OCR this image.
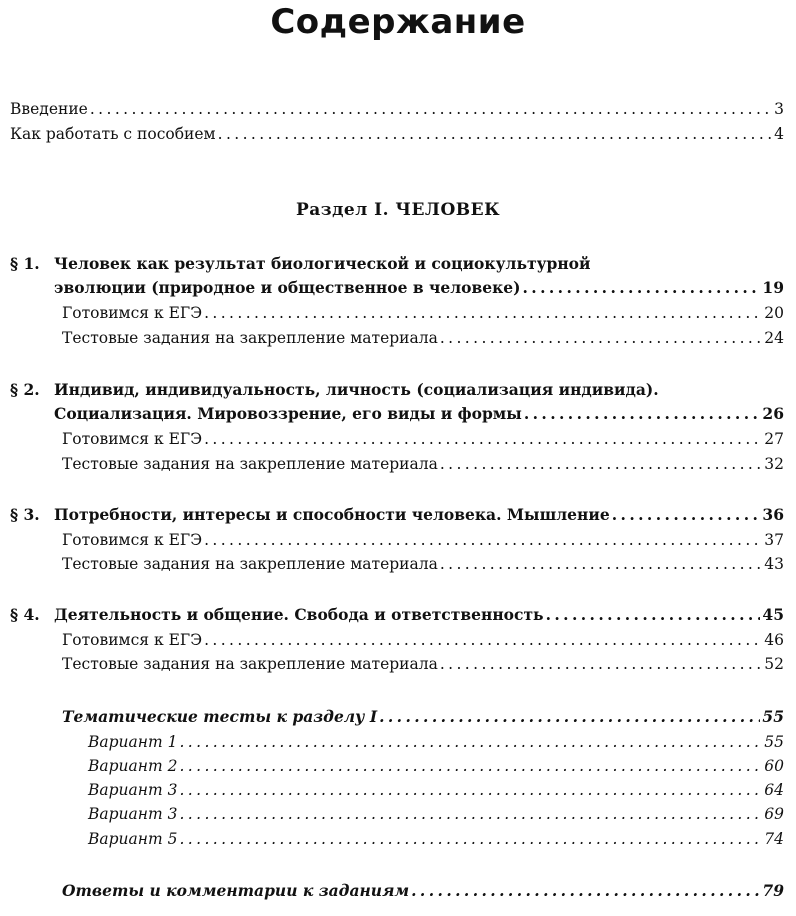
Содержание
Введение .....	3
Как работать с пособием .....	4
Раздел I. ЧЕЛОВЕК
§ 1. Человек как результат биологической и социокультурной
эволюции (природное и общественное в человеке) .....	19
Готовимся к ЕГЭ .....	20
Тестовые задания на закрепление материала .....	24
§ 2. Индивид, индивидуальность, личность (социализация индивида).
Социализация. Мировоззрение, его виды и формы .....	26
Готовимся к ЕГЭ .....	27
Тестовые задания на закрепление материала .....	32
§ 3. Потребности, интересы и способности человека. Мышление .....	36
Готовимся к ЕГЭ .....	37
Тестовые задания на закрепление материала .....	43
§ 4. Деятельность и общение. Свобода и ответственность .....	45
Готовимся к ЕГЭ .....	46
Тестовые задания на закрепление материала .....	52
Тематические тесты к разделу I .....	55
Вариант 1 .....	55
Вариант 2 .....	60
Вариант 3 .....	64
Вариант 3 .....	69
Вариант 5 .....	74
Ответы и комментарии к заданиям .....	79
